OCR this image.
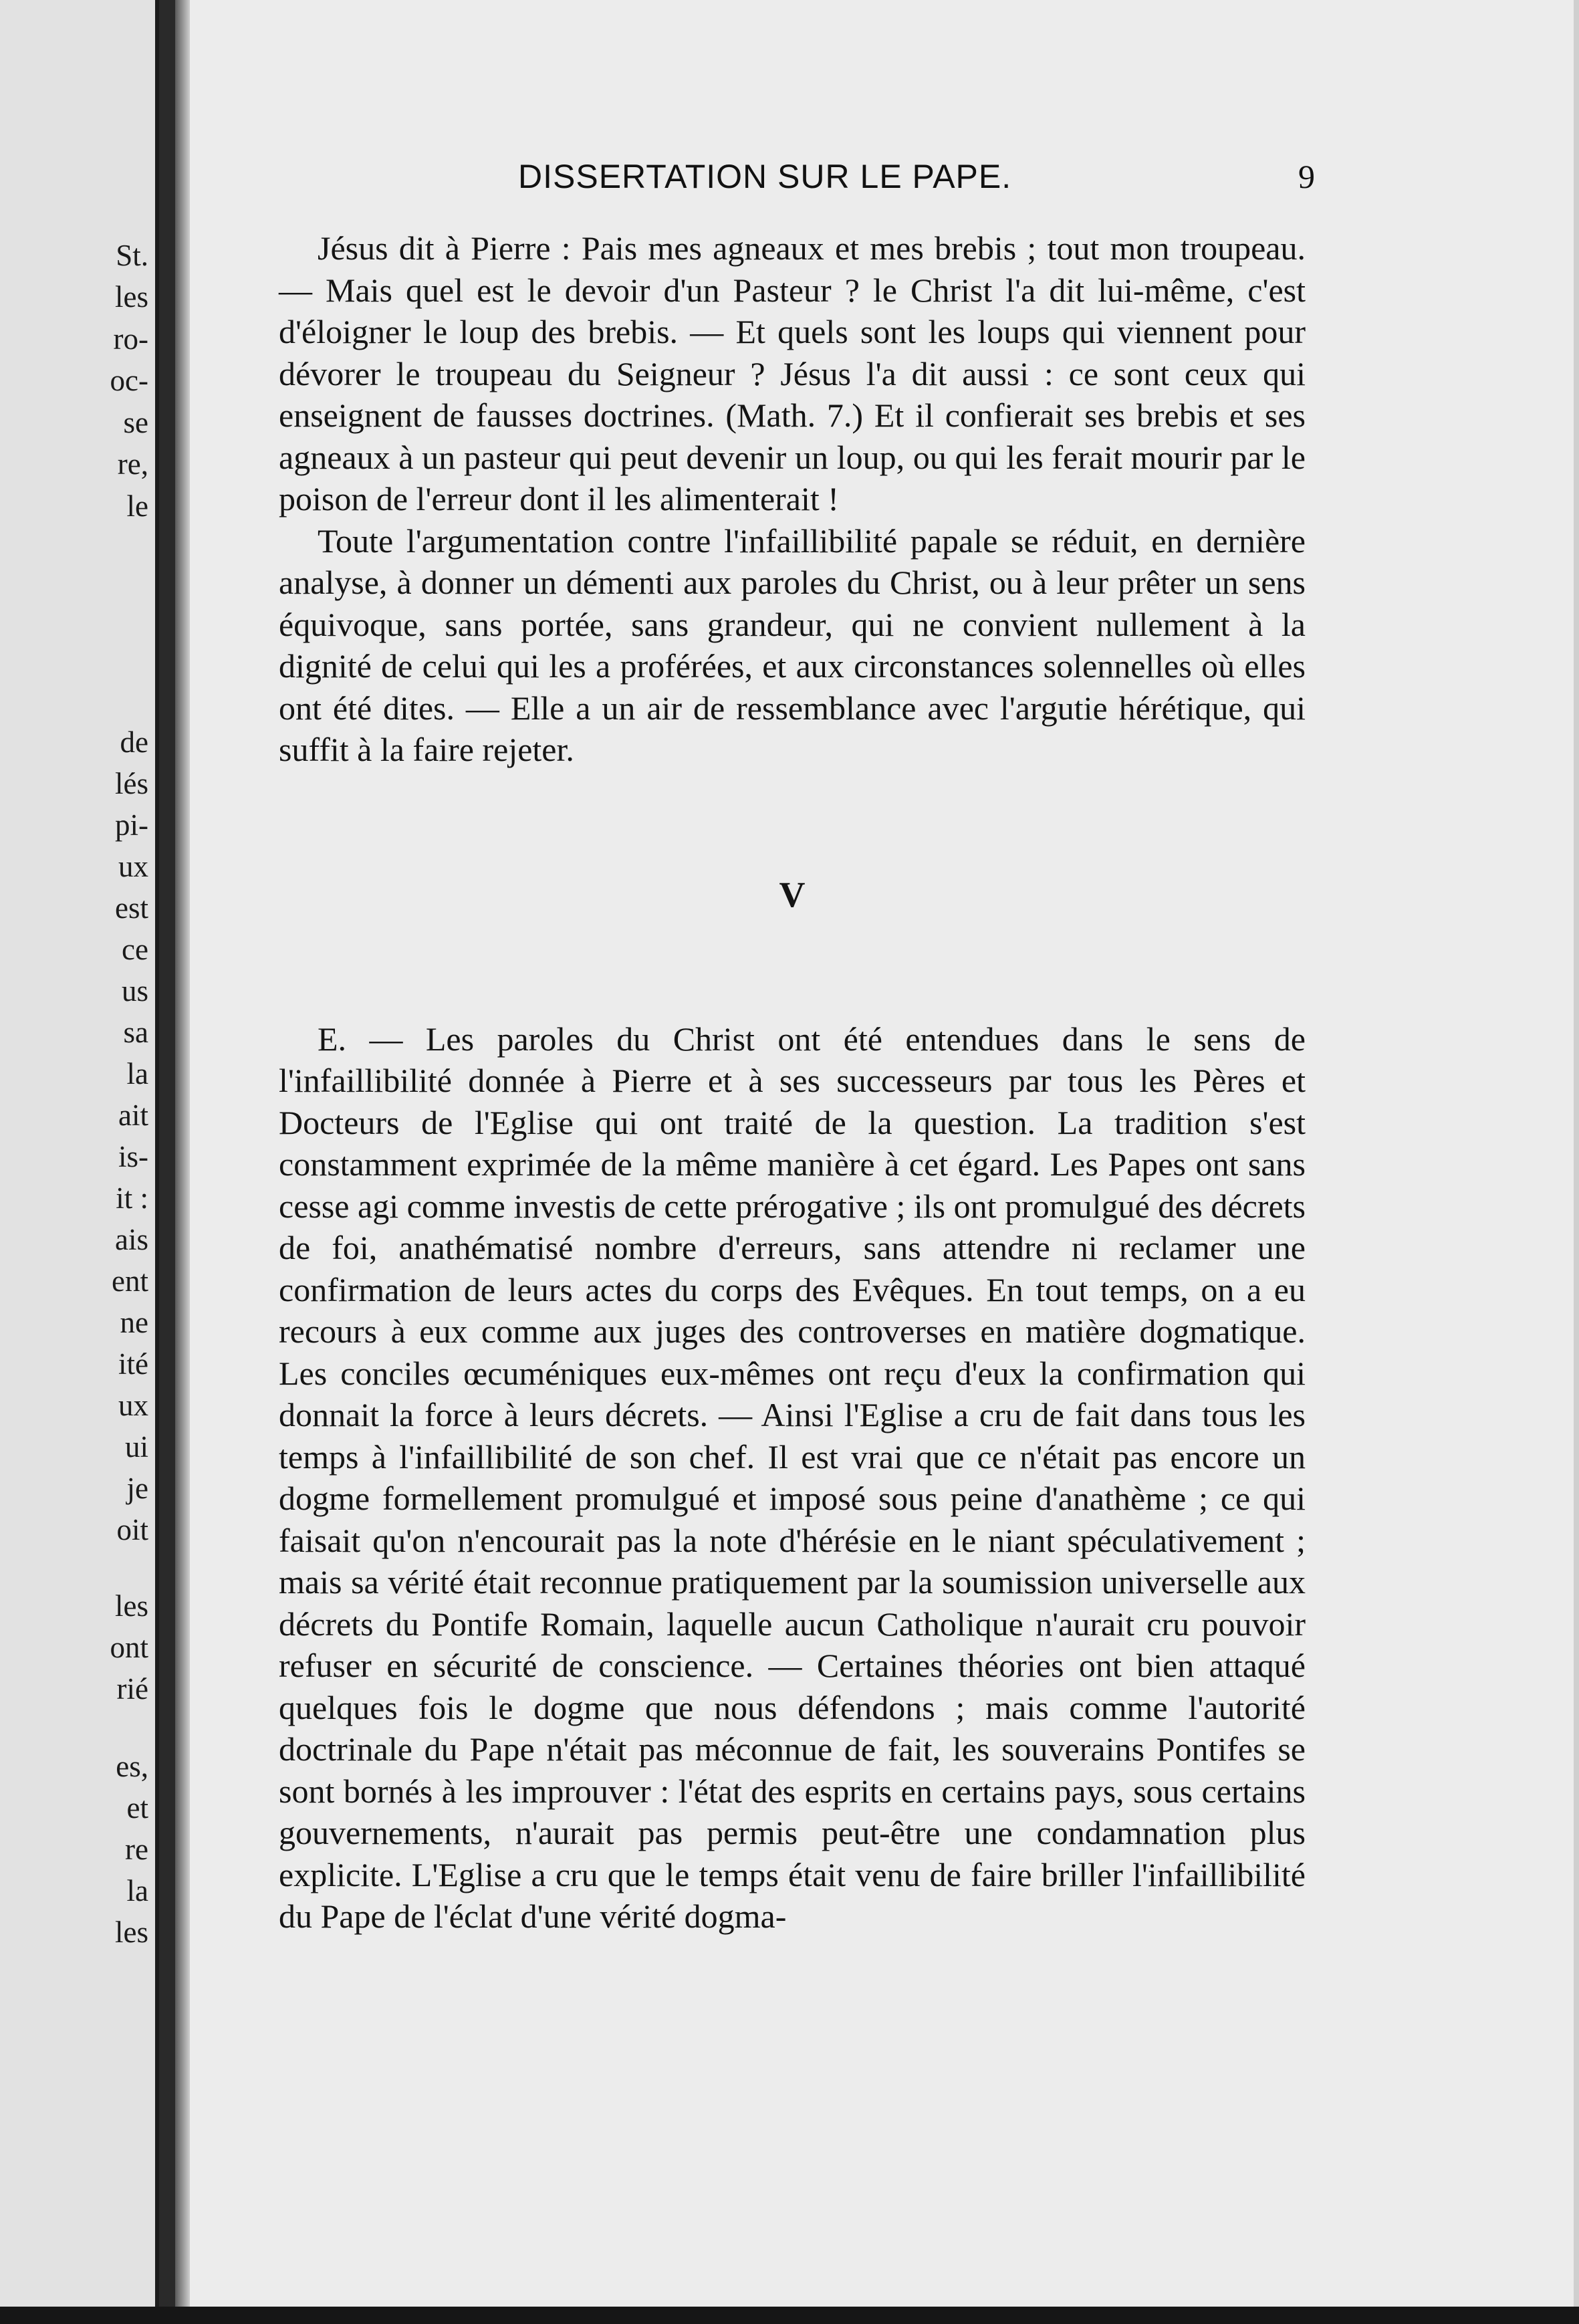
St.
les
ro-
oc-
se
re,
le
de
lés
pi-
ux
est
ce
us
sa
la
ait
is-
it :
ais
ent
ne
ité
ux
ui
je
oit
les
ont
rié
es,
et
re
la
les
DISSERTATION SUR LE PAPE.	9

Jésus dit à Pierre : Pais mes agneaux et mes brebis ; tout mon troupeau. — Mais quel est le devoir d'un Pasteur ? le Christ l'a dit lui-même, c'est d'éloigner le loup des brebis. — Et quels sont les loups qui viennent pour dévorer le troupeau du Seigneur ? Jésus l'a dit aussi : ce sont ceux qui enseignent de fausses doctrines. (Math. 7.) Et il confierait ses brebis et ses agneaux à un pasteur qui peut devenir un loup, ou qui les ferait mourir par le poison de l'erreur dont il les alimenterait !

Toute l'argumentation contre l'infaillibilité papale se réduit, en dernière analyse, à donner un démenti aux paroles du Christ, ou à leur prêter un sens équivoque, sans portée, sans grandeur, qui ne convient nullement à la dignité de celui qui les a proférées, et aux circonstances solennelles où elles ont été dites. — Elle a un air de ressemblance avec l'argutie hérétique, qui suffit à la faire rejeter.

V

E. — Les paroles du Christ ont été entendues dans le sens de l'infaillibilité donnée à Pierre et à ses successeurs par tous les Pères et Docteurs de l'Eglise qui ont traité de la question. La tradition s'est constamment exprimée de la même manière à cet égard. Les Papes ont sans cesse agi comme investis de cette prérogative ; ils ont promulgué des décrets de foi, anathématisé nombre d'erreurs, sans attendre ni reclamer une confirmation de leurs actes du corps des Evêques. En tout temps, on a eu recours à eux comme aux juges des controverses en matière dogmatique. Les conciles œcuméniques eux-mêmes ont reçu d'eux la confirmation qui donnait la force à leurs décrets. — Ainsi l'Eglise a cru de fait dans tous les temps à l'infaillibilité de son chef. Il est vrai que ce n'était pas encore un dogme formellement promulgué et imposé sous peine d'anathème ; ce qui faisait qu'on n'encourait pas la note d'hérésie en le niant spéculativement ; mais sa vérité était reconnue pratiquement par la soumission universelle aux décrets du Pontife Romain, laquelle aucun Catholique n'aurait cru pouvoir refuser en sécurité de conscience. — Certaines théories ont bien attaqué quelques fois le dogme que nous défendons ; mais comme l'autorité doctrinale du Pape n'était pas méconnue de fait, les souverains Pontifes se sont bornés à les improuver : l'état des esprits en certains pays, sous certains gouvernements, n'aurait pas permis peut-être une condamnation plus explicite. L'Eglise a cru que le temps était venu de faire briller l'infaillibilité du Pape de l'éclat d'une vérité dogma-
